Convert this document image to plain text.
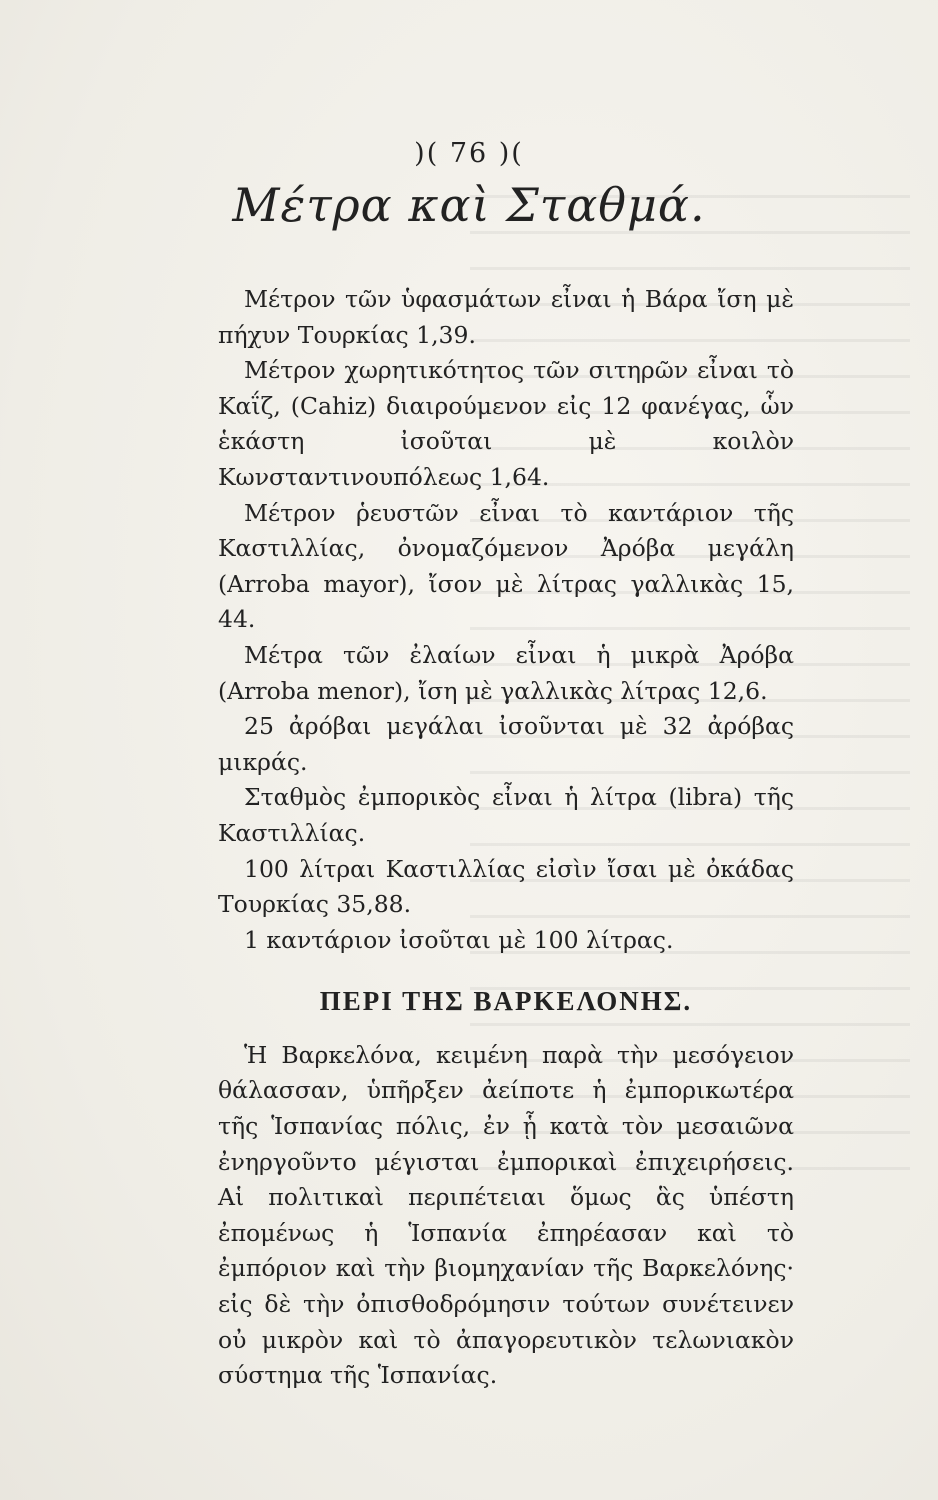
)( 76 )(
Μέτρα καὶ Σταθμά.

Μέτρον τῶν ὑφασμάτων εἶναι ἡ Βάρα ἴση μὲ πήχυν Τουρκίας 1,39.

Μέτρον χωρητικότητος τῶν σιτηρῶν εἶναι τὸ Καΐζ, (Cahiz) διαιρούμενον εἰς 12 φανέγας, ὧν ἑκάστη ἰσοῦται μὲ κοιλὸν Κωνσταντινουπόλεως 1,64.

Μέτρον ῥευστῶν εἶναι τὸ καντάριον τῆς Καστιλλίας, ὀνομαζόμενον Ἀρόβα μεγάλη (Arroba mayor), ἴσον μὲ λίτρας γαλλικὰς 15, 44.

Μέτρα τῶν ἐλαίων εἶναι ἡ μικρὰ Ἀρόβα (Arroba menor), ἴση μὲ γαλλικὰς λίτρας 12,6.

25 ἀρόβαι μεγάλαι ἰσοῦνται μὲ 32 ἀρόβας μικράς.

Σταθμὸς ἐμπορικὸς εἶναι ἡ λίτρα (libra) τῆς Καστιλλίας.

100 λίτραι Καστιλλίας εἰσὶν ἴσαι μὲ ὀκάδας Τουρκίας 35,88.

1 καντάριον ἰσοῦται μὲ 100 λίτρας.

ΠΕΡΙ ΤΗΣ ΒΑΡΚΕΛΟΝΗΣ.

Ἡ Βαρκελόνα, κειμένη παρὰ τὴν μεσόγειον θάλασσαν, ὑπῆρξεν ἀείποτε ἡ ἐμπορικωτέρα τῆς Ἱσπανίας πόλις, ἐν ᾗ κατὰ τὸν μεσαιῶνα ἐνηργοῦντο μέγισται ἐμπορικαὶ ἐπιχειρήσεις. Αἱ πολιτικαὶ περιπέτειαι ὅμως ἃς ὑπέστη ἐπομένως ἡ Ἱσπανία ἐπηρέασαν καὶ τὸ ἐμπόριον καὶ τὴν βιομηχανίαν τῆς Βαρκελόνης· εἰς δὲ τὴν ὀπισθοδρόμησιν τούτων συνέτεινεν οὐ μικρὸν καὶ τὸ ἀπαγορευτικὸν τελωνιακὸν σύστημα τῆς Ἱσπανίας.
